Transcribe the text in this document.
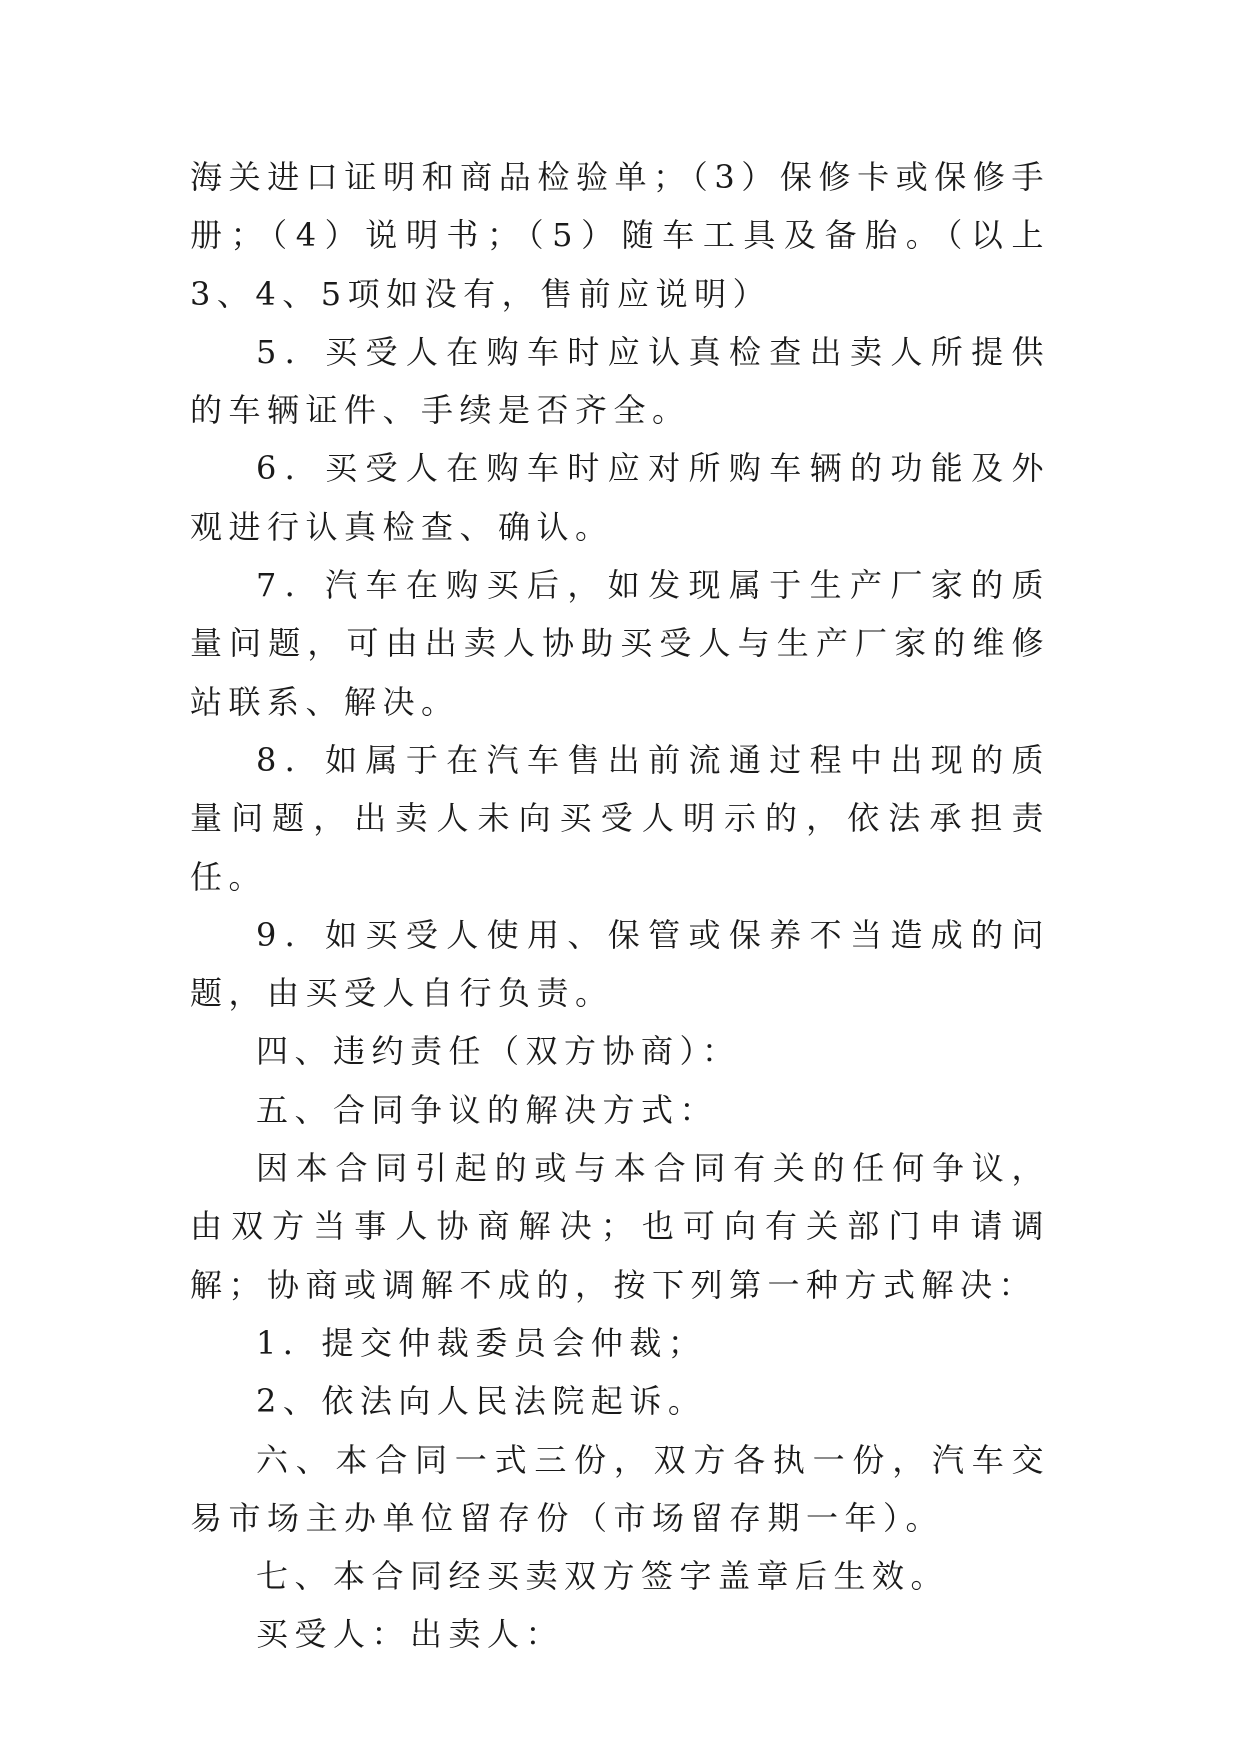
海关进口证明和商品检验单；（3）保修卡或保修手册；（4）说明书；（5）随车工具及备胎。（以上3、4、5项如没有，售前应说明）

5．买受人在购车时应认真检查出卖人所提供的车辆证件、手续是否齐全。

6．买受人在购车时应对所购车辆的功能及外观进行认真检查、确认。

7．汽车在购买后，如发现属于生产厂家的质量问题，可由出卖人协助买受人与生产厂家的维修站联系、解决。

8．如属于在汽车售出前流通过程中出现的质量问题，出卖人未向买受人明示的，依法承担责任。

9．如买受人使用、保管或保养不当造成的问题，由买受人自行负责。

四、违约责任（双方协商）：

五、合同争议的解决方式：

因本合同引起的或与本合同有关的任何争议，由双方当事人协商解决；也可向有关部门申请调解；协商或调解不成的，按下列第一种方式解决：

1．提交仲裁委员会仲裁；

2、依法向人民法院起诉。

六、本合同一式三份，双方各执一份，汽车交易市场主办单位留存份（市场留存期一年）。

七、本合同经买卖双方签字盖章后生效。

买受人：出卖人：
